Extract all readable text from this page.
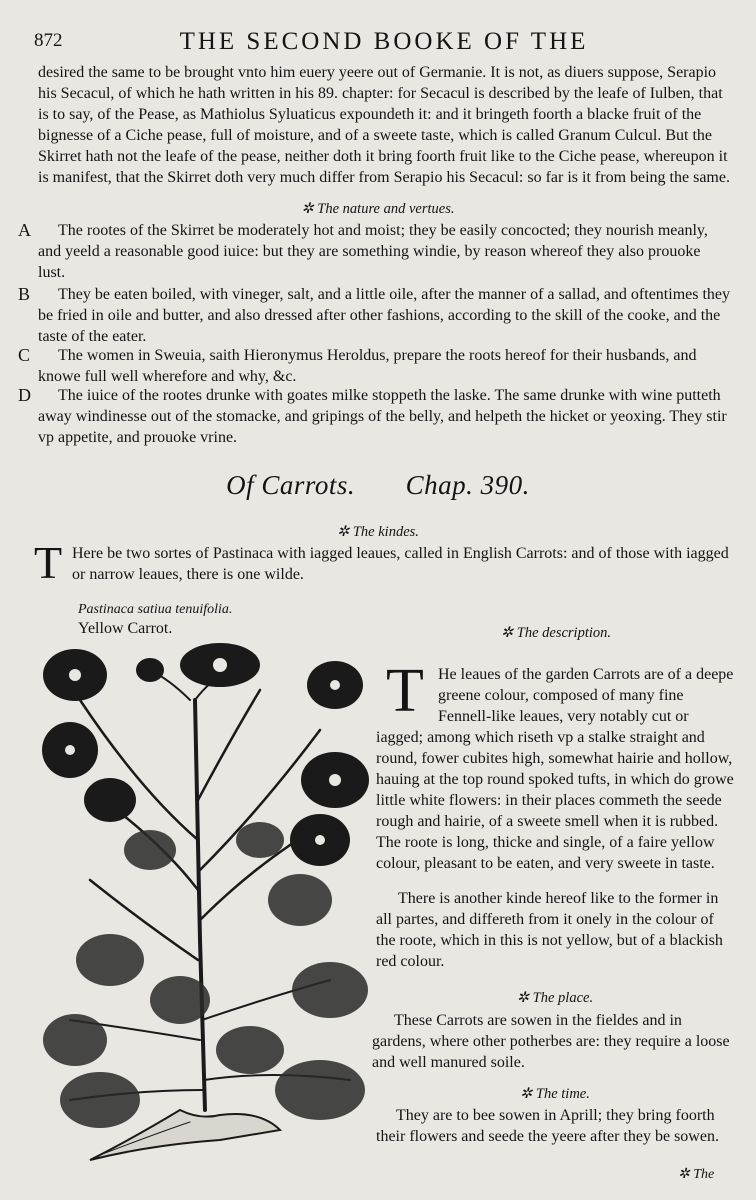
872	THE SECOND BOOKE OF THE

desired the same to be brought vnto him euery yeere out of Germanie. It is not, as diuers suppose, Serapio his Secacul, of which he hath written in his 89. chapter: for Secacul is described by the leafe of Iulben, that is to say, of the Pease, as Mathiolus Syluaticus expoundeth it: and it bringeth foorth a blacke fruit of the bignesse of a Ciche pease, full of moisture, and of a sweete taste, which is called Granum Culcul. But the Skirret hath not the leafe of the pease, neither doth it bring foorth fruit like to the Ciche pease, whereupon it is manifest, that the Skirret doth very much differ from Serapio his Secacul: so far is it from being the same.

✲ The nature and vertues.
A	The rootes of the Skirret be moderately hot and moist; they be easily concocted; they nourish meanly, and yeeld a reasonable good iuice: but they are something windie, by reason whereof they also prouoke lust.

B	They be eaten boiled, with vineger, salt, and a little oile, after the manner of a sallad, and oftentimes they be fried in oile and butter, and also dressed after other fashions, according to the skill of the cooke, and the taste of the eater.

C	The women in Sweuia, saith Hieronymus Heroldus, prepare the roots hereof for their husbands, and knowe full well wherefore and why, &c.

D	The iuice of the rootes drunke with goates milke stoppeth the laske. The same drunke with wine putteth away windinesse out of the stomacke, and gripings of the belly, and helpeth the hicket or yeoxing. They stir vp appetite, and prouoke vrine.

Of Carrots. Chap. 390.
✲ The kindes.
T Here be two sortes of Pastinaca with iagged leaues, called in English Carrots: and of those with iagged or narrow leaues, there is one wilde.

Pastinaca satiua tenuifolia.
Yellow Carrot.	✲ The description.
T He leaues of the garden Carrots are of a deepe greene colour, composed of many fine Fennell-like leaues, very notably cut or

iagged; among which riseth vp a stalke straight and round, fower cubites high, somewhat hairie and hollow, hauing at the top round spoked tufts, in which do growe little white flowers: in their places commeth the seede rough and hairie, of a sweete smell when it is rubbed. The roote is long, thicke and single, of a faire yellow colour, pleasant to be eaten, and very sweete in taste.

There is another kinde hereof like to the former in all partes, and differeth from it onely in the colour of the roote, which in this is not yellow, but of a blackish red colour.

✲ The place.

These Carrots are sowen in the fieldes and in gardens, where other potherbes are: they require a loose and well manured soile.

✲ The time.

They are to bee sowen in Aprill; they bring foorth their flowers and seede the yeere after they be sowen.

✲ The
